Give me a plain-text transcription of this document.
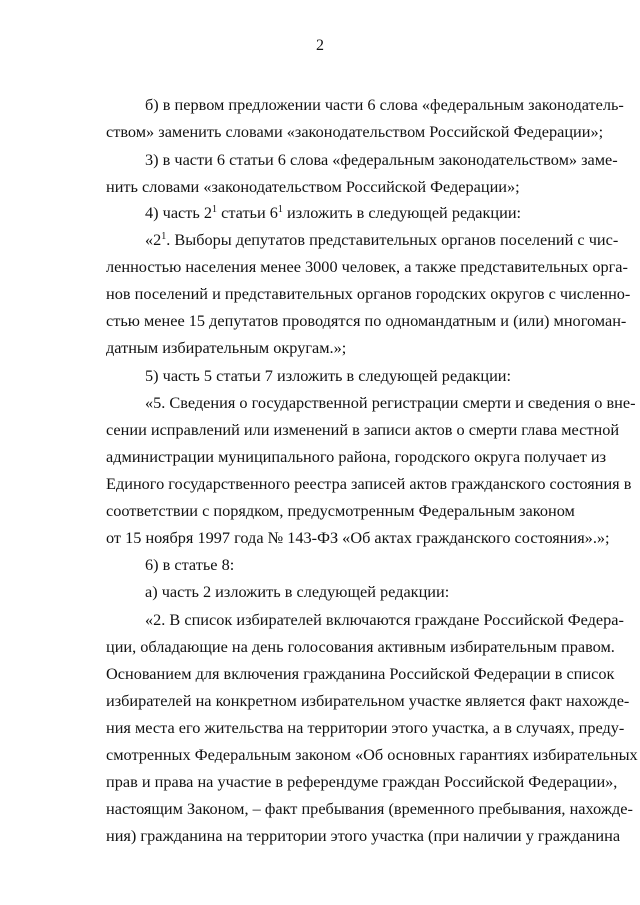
2
б) в первом предложении части 6 слова «федеральным законодатель-
ством» заменить словами «законодательством Российской Федерации»;
3) в части 6 статьи 6 слова «федеральным законодательством» заме-
нить словами «законодательством Российской Федерации»;
4) часть $2^1$ статьи $6^1$ изложить в следующей редакции:
«$2^1$. Выборы депутатов представительных органов поселений с чис-
ленностью населения менее 3000 человек, а также представительных орга-
нов поселений и представительных органов городских округов с численно-
стью менее 15 депутатов проводятся по одномандатным и (или) многоман-
датным избирательным округам.»;
5) часть 5 статьи 7 изложить в следующей редакции:
«5. Сведения о государственной регистрации смерти и сведения о вне-
сении исправлений или изменений в записи актов о смерти глава местной
администрации муниципального района, городского округа получает из
Единого государственного реестра записей актов гражданского состояния в
соответствии с порядком, предусмотренным Федеральным законом
от 15 ноября 1997 года № 143-ФЗ «Об актах гражданского состояния».»;
6) в статье 8:
а) часть 2 изложить в следующей редакции:
«2. В список избирателей включаются граждане Российской Федера-
ции, обладающие на день голосования активным избирательным правом.
Основанием для включения гражданина Российской Федерации в список
избирателей на конкретном избирательном участке является факт нахожде-
ния места его жительства на территории этого участка, а в случаях, преду-
смотренных Федеральным законом «Об основных гарантиях избирательных
прав и права на участие в референдуме граждан Российской Федерации»,
настоящим Законом, – факт пребывания (временного пребывания, нахожде-
ния) гражданина на территории этого участка (при наличии у гражданина
